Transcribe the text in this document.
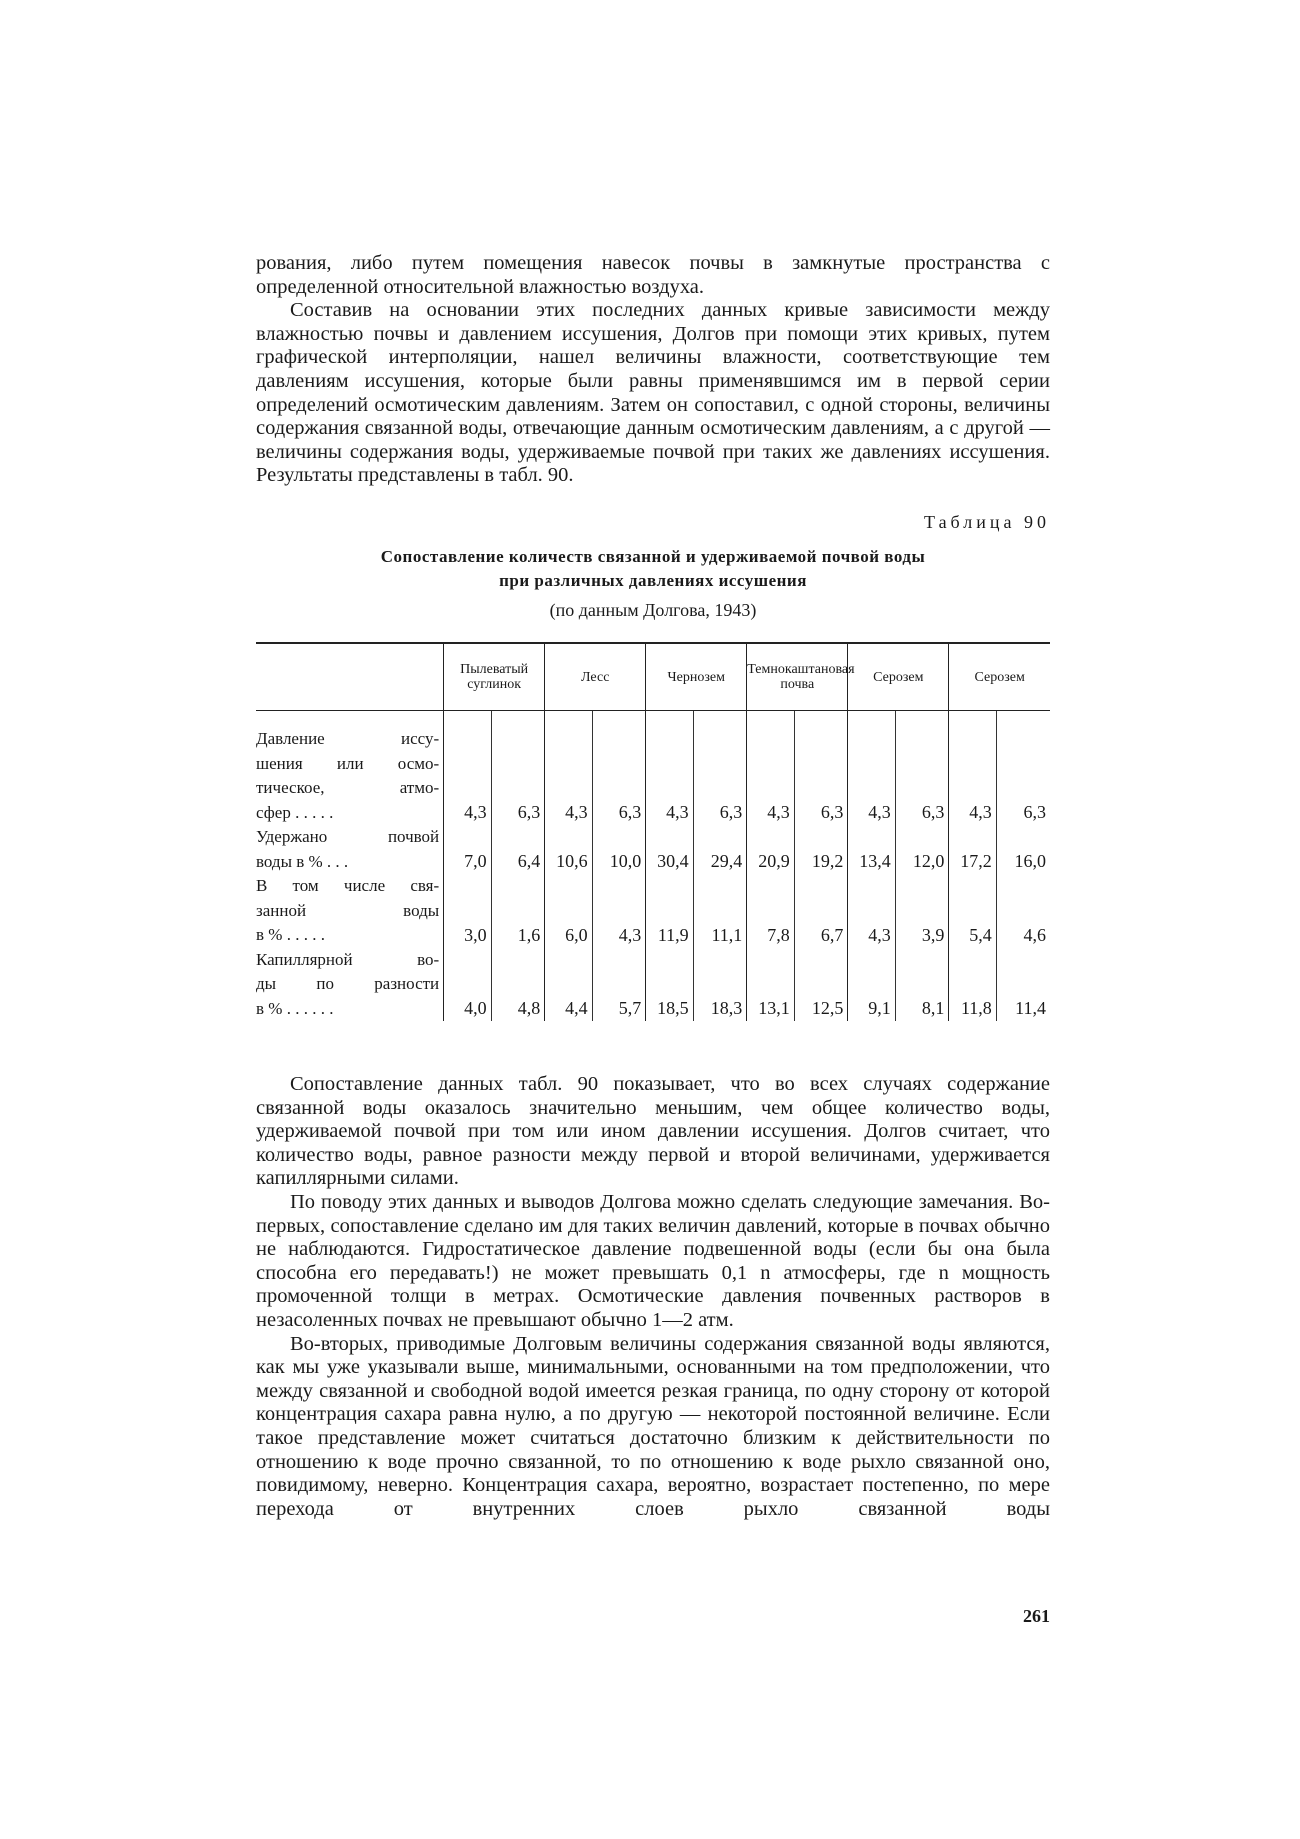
рования, либо путем помещения навесок почвы в замкнутые пространства с определенной относительной влажностью воздуха.

Составив на основании этих последних данных кривые зависимости между влажностью почвы и давлением иссушения, Долгов при помощи этих кривых, путем графической интерполяции, нашел величины влажности, соответствующие тем давлениям иссушения, которые были равны применявшимся им в первой серии определений осмотическим давлениям. Затем он сопоставил, с одной стороны, величины содержания связанной воды, отвечающие данным осмотическим давлениям, а с другой — величины содержания воды, удерживаемые почвой при таких же давлениях иссушения. Результаты представлены в табл. 90.

Таблица 90
Сопоставление количеств связанной и удерживаемой почвой воды
при различных давлениях иссушения
(по данным Долгова, 1943)
	Пылеватый суглинок		Лесс		Чернозем		Темнокаштановая почва		Серозем		Серозем	

Давление иссу-
шения или осмо-
тическое, атмо-
сфер . . . . .	4,3	6,3	4,3	6,3	4,3	6,3	4,3	6,3	4,3	6,3	4,3	6,3

Удержано почвой
воды в % . . .	7,0	6,4	10,6	10,0	30,4	29,4	20,9	19,2	13,4	12,0	17,2	16,0

В том числе свя-
занной воды
в % . . . . .	3,0	1,6	6,0	4,3	11,9	11,1	7,8	6,7	4,3	3,9	5,4	4,6

Капиллярной во-
ды по разности
в % . . . . . .	4,0	4,8	4,4	5,7	18,5	18,3	13,1	12,5	9,1	8,1	11,8	11,4

Сопоставление данных табл. 90 показывает, что во всех случаях содержание связанной воды оказалось значительно меньшим, чем общее количество воды, удерживаемой почвой при том или ином давлении иссушения. Долгов считает, что количество воды, равное разности между первой и второй величинами, удерживается капиллярными силами.

По поводу этих данных и выводов Долгова можно сделать следующие замечания. Во-первых, сопоставление сделано им для таких величин давлений, которые в почвах обычно не наблюдаются. Гидростатическое давление подвешенной воды (если бы она была способна его передавать!) не может превышать 0,1 n атмосферы, где n мощность промоченной толщи в метрах. Осмотические давления почвенных растворов в незасоленных почвах не превышают обычно 1—2 атм.

Во-вторых, приводимые Долговым величины содержания связанной воды являются, как мы уже указывали выше, минимальными, основанными на том предположении, что между связанной и свободной водой имеется резкая граница, по одну сторону от которой концентрация сахара равна нулю, а по другую — некоторой постоянной величине. Если такое представление может считаться достаточно близким к действительности по отношению к воде прочно связанной, то по отношению к воде рыхло связанной оно, повидимому, неверно. Концентрация сахара, вероятно, возрастает постепенно, по мере перехода от внутренних слоев рыхло связанной воды

261
